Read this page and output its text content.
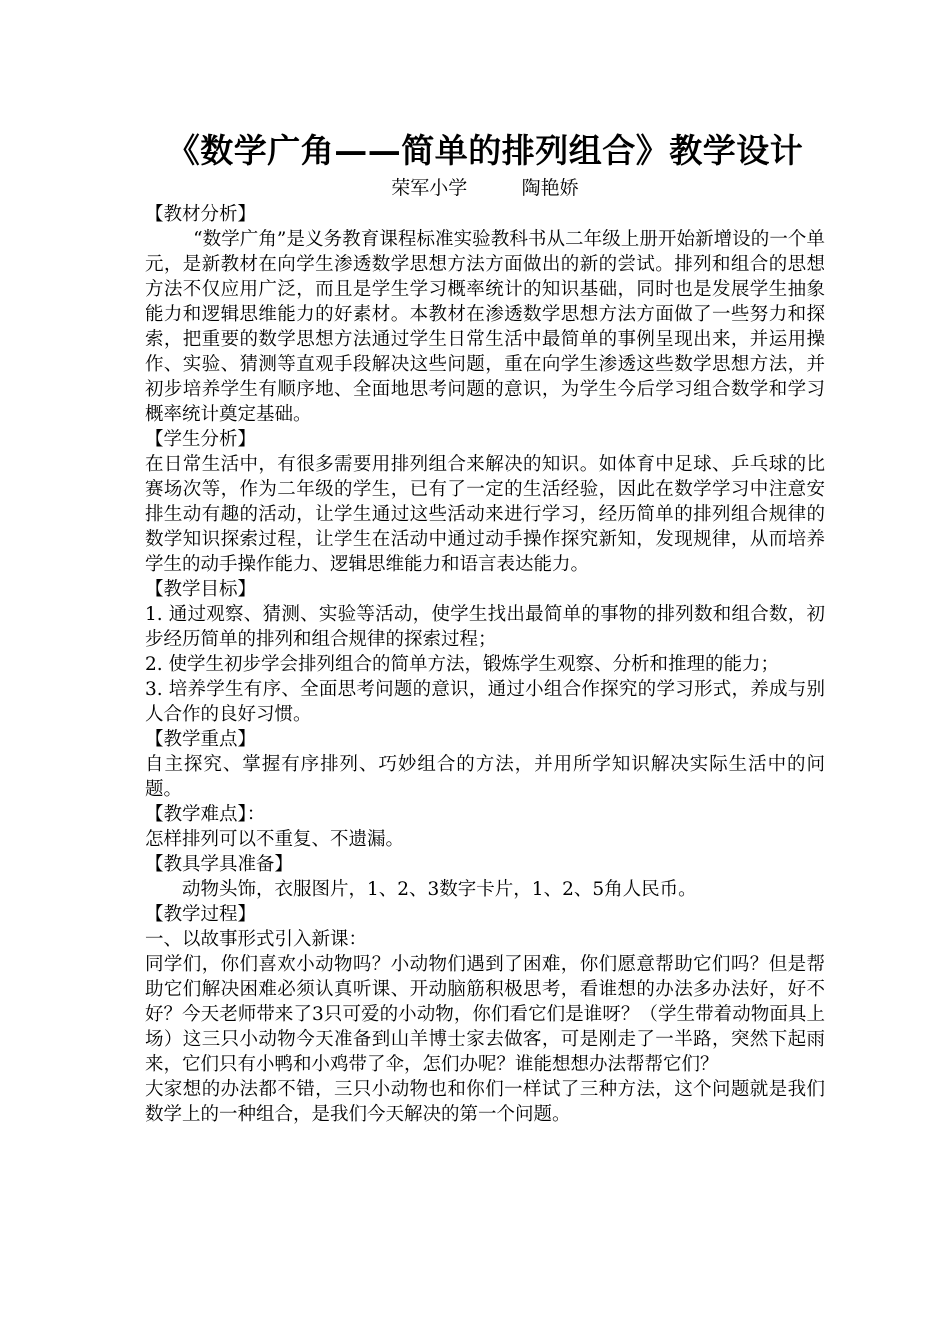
《数学广角——简单的排列组合》教学设计

荣军小学	陶艳娇

【教材分析】

“数学广角”是义务教育课程标准实验教科书从二年级上册开始新增设的一个单元，是新教材在向学生渗透数学思想方法方面做出的新的尝试。排列和组合的思想方法不仅应用广泛，而且是学生学习概率统计的知识基础，同时也是发展学生抽象能力和逻辑思维能力的好素材。本教材在渗透数学思想方法方面做了一些努力和探索，把重要的数学思想方法通过学生日常生活中最简单的事例呈现出来，并运用操作、实验、猜测等直观手段解决这些问题，重在向学生渗透这些数学思想方法，并初步培养学生有顺序地、全面地思考问题的意识，为学生今后学习组合数学和学习概率统计奠定基础。

【学生分析】

在日常生活中，有很多需要用排列组合来解决的知识。如体育中足球、乒乓球的比赛场次等，作为二年级的学生，已有了一定的生活经验，因此在数学学习中注意安排生动有趣的活动，让学生通过这些活动来进行学习，经历简单的排列组合规律的数学知识探索过程，让学生在活动中通过动手操作探究新知，发现规律，从而培养学生的动手操作能力、逻辑思维能力和语言表达能力。

【教学目标】

1. 通过观察、猜测、实验等活动，使学生找出最简单的事物的排列数和组合数，初步经历简单的排列和组合规律的探索过程；

2. 使学生初步学会排列组合的简单方法，锻炼学生观察、分析和推理的能力；

3. 培养学生有序、全面思考问题的意识，通过小组合作探究的学习形式，养成与别人合作的良好习惯。

【教学重点】

自主探究、掌握有序排列、巧妙组合的方法，并用所学知识解决实际生活中的问题。

【教学难点】：

怎样排列可以不重复、不遗漏。

【教具学具准备】

动物头饰，衣服图片，1、2、3数字卡片，1、2、5角人民币。

【教学过程】

一、以故事形式引入新课：

同学们，你们喜欢小动物吗？小动物们遇到了困难，你们愿意帮助它们吗？但是帮助它们解决困难必须认真听课、开动脑筋积极思考，看谁想的办法多办法好，好不好？今天老师带来了3只可爱的小动物，你们看它们是谁呀？（学生带着动物面具上场）这三只小动物今天准备到山羊博士家去做客，可是刚走了一半路，突然下起雨来，它们只有小鸭和小鸡带了伞，怎们办呢？谁能想想办法帮帮它们？

大家想的办法都不错，三只小动物也和你们一样试了三种方法，这个问题就是我们数学上的一种组合，是我们今天解决的第一个问题。
